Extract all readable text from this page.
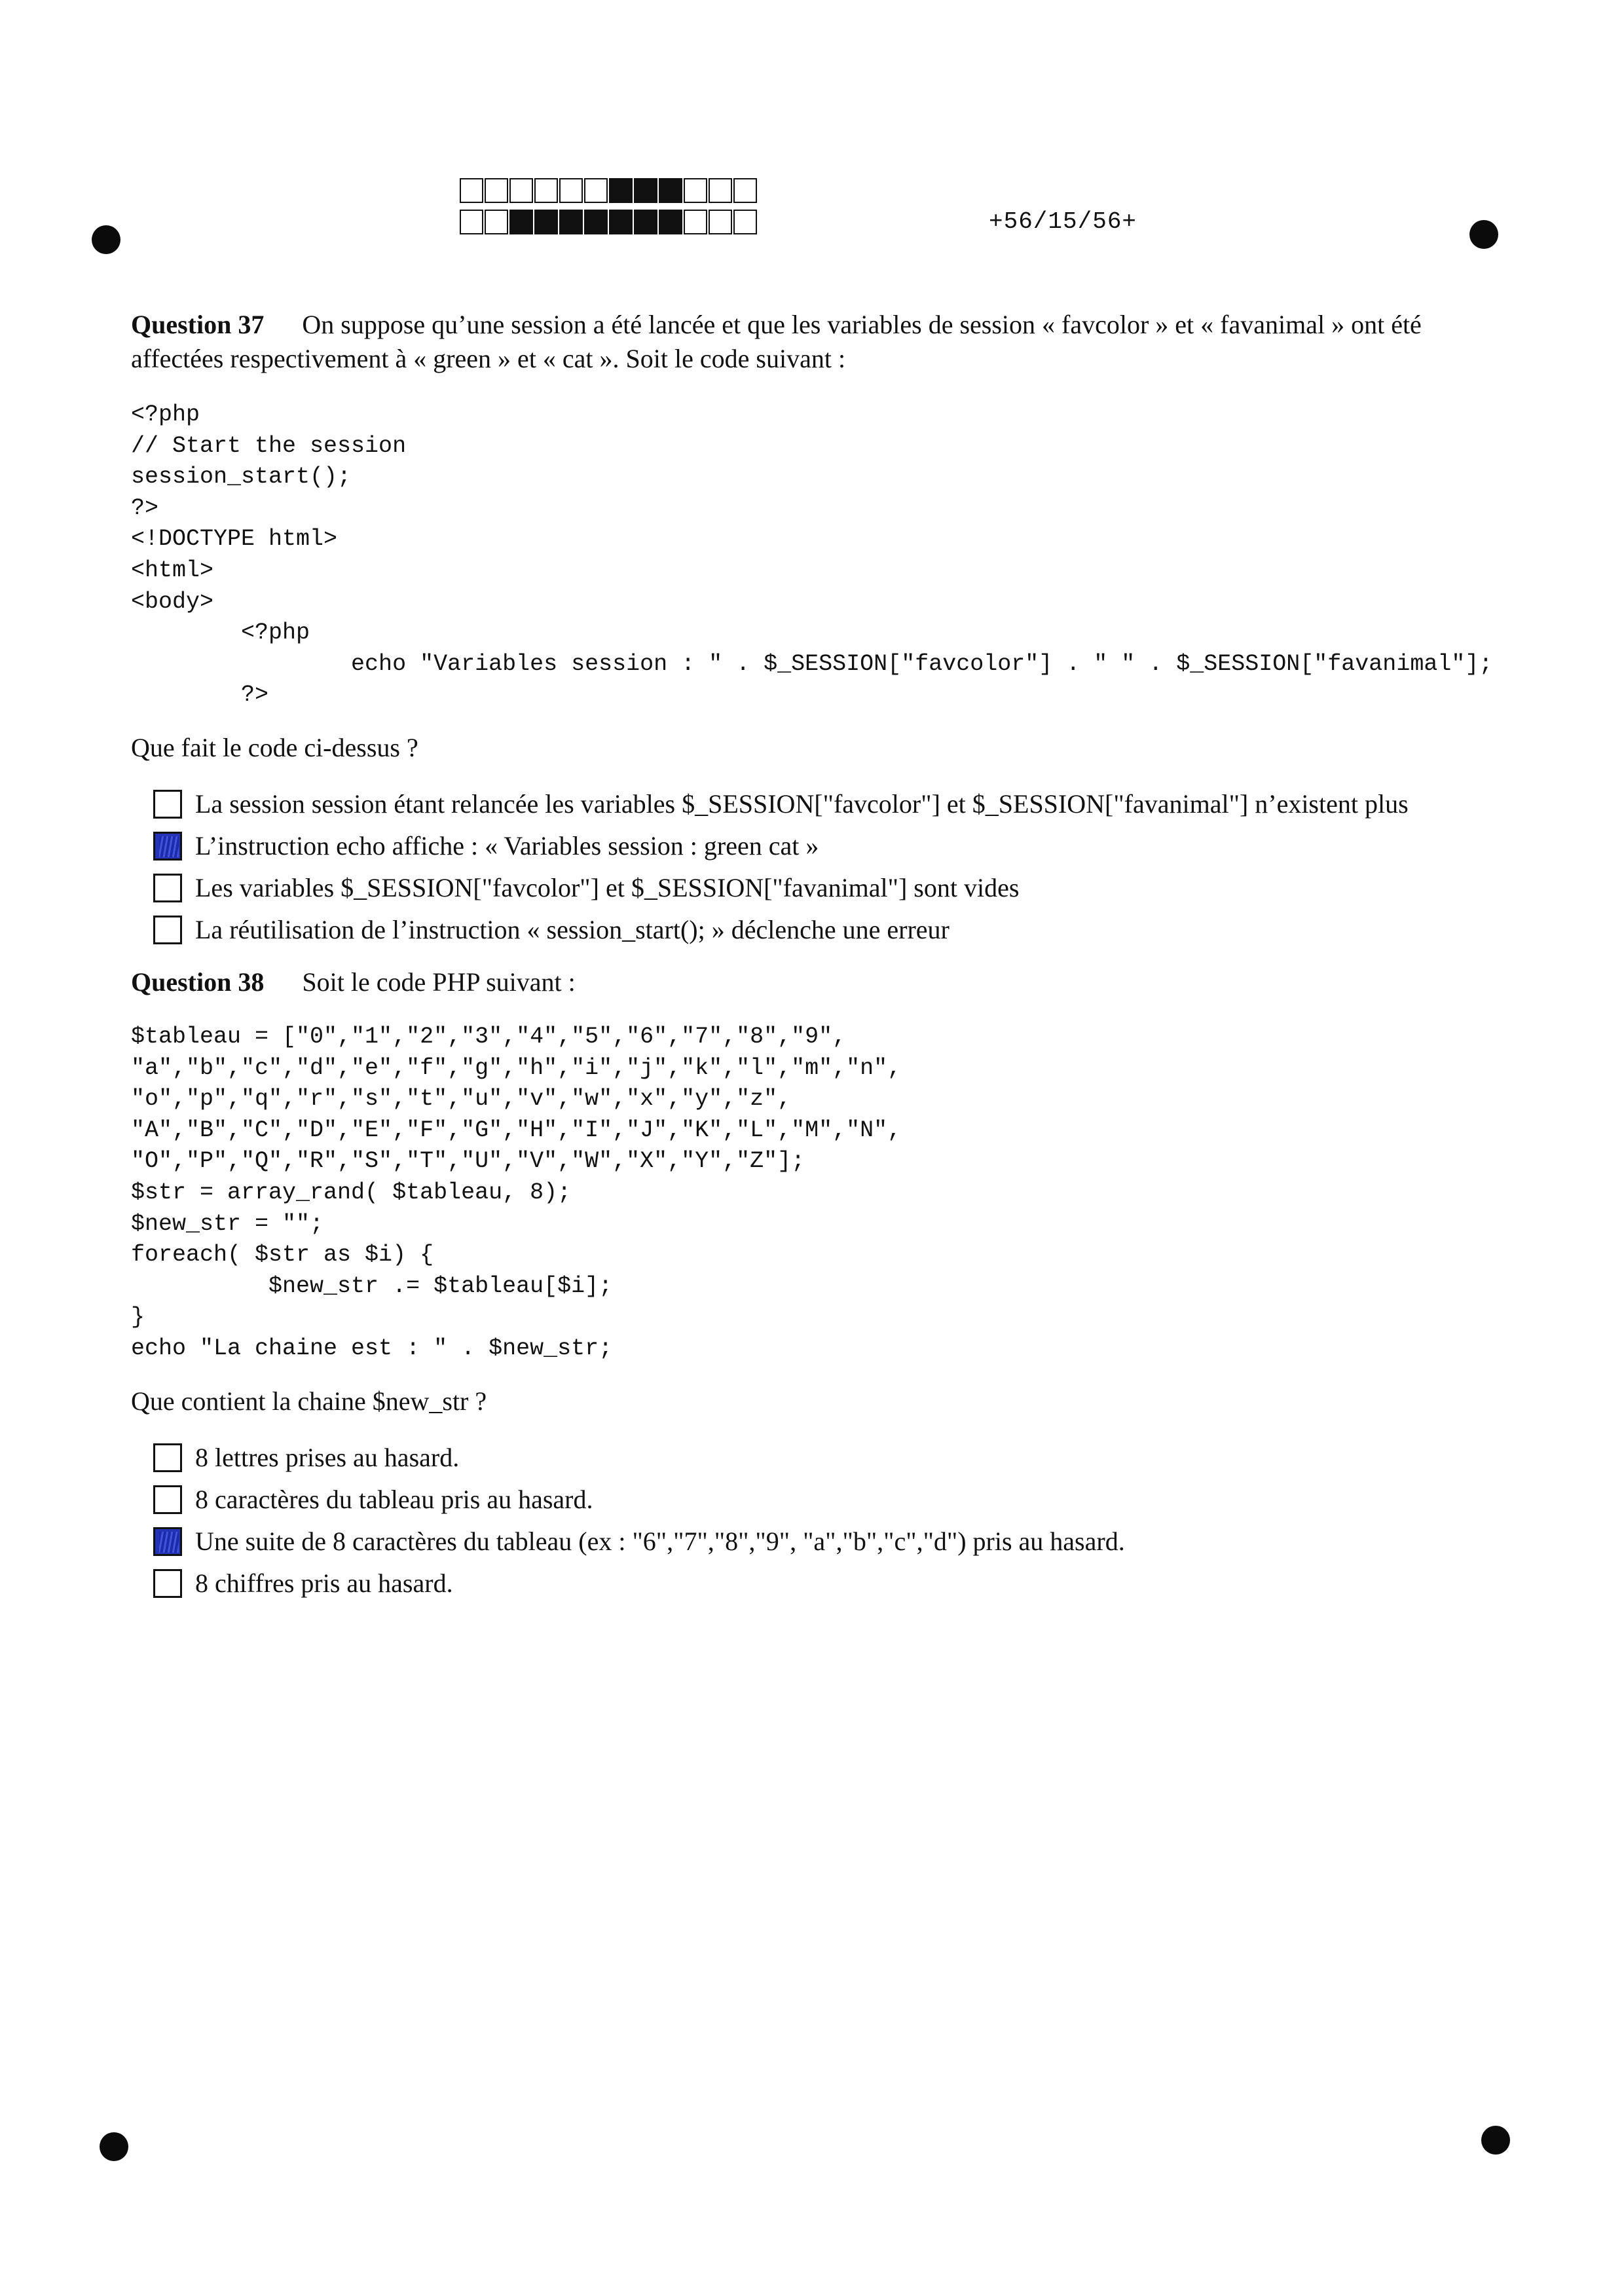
+56/15/56+
Question 37 On suppose qu’une session a été lancée et que les variables de session « favcolor » et « favanimal » ont été
affectées respectivement à « green » et « cat ». Soit le code suivant :
<?php
// Start the session
session_start();
?>
<!DOCTYPE html>
<html>
<body>
<?php
echo "Variables session : " . $_SESSION["favcolor"] . " " . $_SESSION["favanimal"];
?>
Que fait le code ci-dessus ?
La session session étant relancée les variables $_SESSION["favcolor"] et $_SESSION["favanimal"] n’existent plus
L’instruction echo affiche : « Variables session : green cat »
Les variables $_SESSION["favcolor"] et $_SESSION["favanimal"] sont vides
La réutilisation de l’instruction « session_start(); » déclenche une erreur
Question 38 Soit le code PHP suivant :
$tableau = ["0","1","2","3","4","5","6","7","8","9",
"a","b","c","d","e","f","g","h","i","j","k","l","m","n",
"o","p","q","r","s","t","u","v","w","x","y","z",
"A","B","C","D","E","F","G","H","I","J","K","L","M","N",
"O","P","Q","R","S","T","U","V","W","X","Y","Z"];
$str = array_rand( $tableau, 8);
$new_str = "";
foreach( $str as $i) {
$new_str .= $tableau[$i];
}
echo "La chaine est : " . $new_str;
Que contient la chaine $new_str ?
8 lettres prises au hasard.
8 caractères du tableau pris au hasard.
Une suite de 8 caractères du tableau (ex : "6","7","8","9", "a","b","c","d") pris au hasard.
8 chiffres pris au hasard.
